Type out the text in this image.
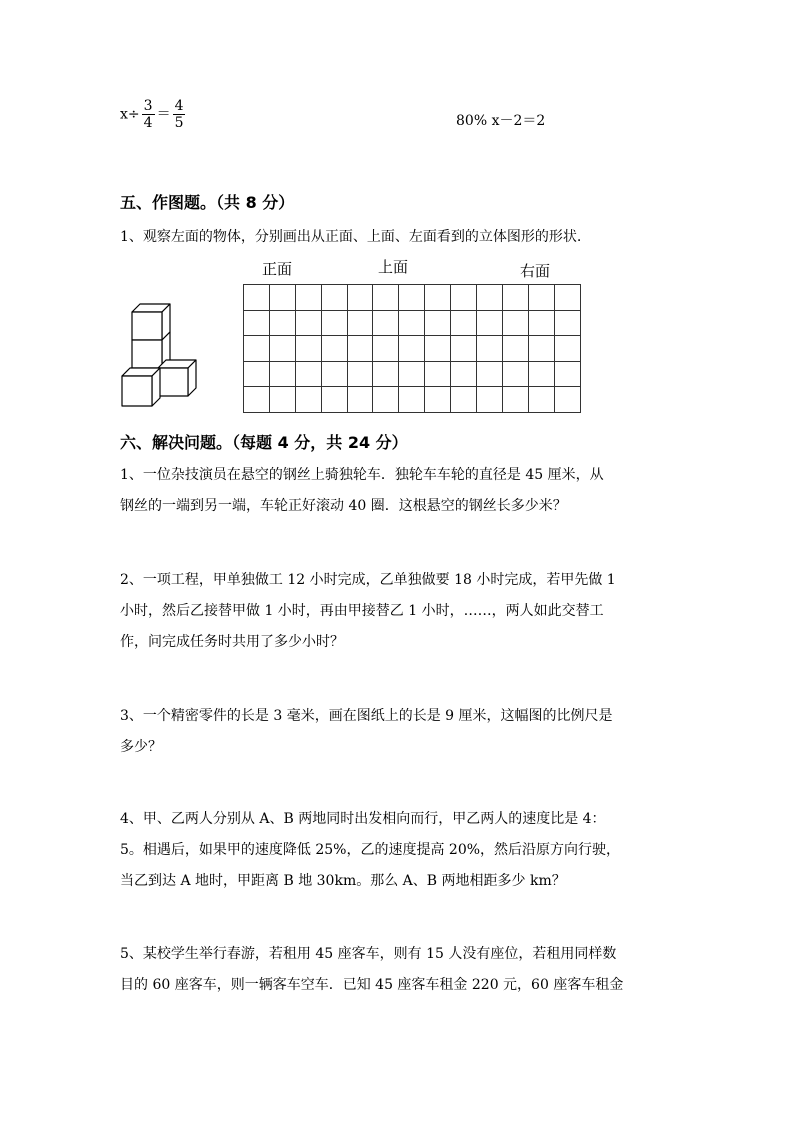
$x\div \frac{3}{4} = \frac{4}{5}$	80% x－2＝2
五、作图题。（共 8 分）
1、观察左面的物体，分别画出从正面、上面、左面看到的立体图形的形状.
正面	上面	右面

六、解决问题。（每题 4 分，共 24 分）
1、一位杂技演员在悬空的钢丝上骑独轮车．独轮车车轮的直径是 45 厘米，从
钢丝的一端到另一端，车轮正好滚动 40 圈．这根悬空的钢丝长多少米？
2、一项工程，甲单独做工 12 小时完成，乙单独做要 18 小时完成，若甲先做 1
小时，然后乙接替甲做 1 小时，再由甲接替乙 1 小时，……，两人如此交替工
作，问完成任务时共用了多少小时？
3、一个精密零件的长是 3 毫米，画在图纸上的长是 9 厘米，这幅图的比例尺是
多少？
4、甲、乙两人分别从 A、B 两地同时出发相向而行，甲乙两人的速度比是 4：
5。相遇后，如果甲的速度降低 25%，乙的速度提高 20%，然后沿原方向行驶，
当乙到达 A 地时，甲距离 B 地 30km。那么 A、B 两地相距多少 km？
5、某校学生举行春游，若租用 45 座客车，则有 15 人没有座位，若租用同样数
目的 60 座客车，则一辆客车空车．已知 45 座客车租金 220 元，60 座客车租金
